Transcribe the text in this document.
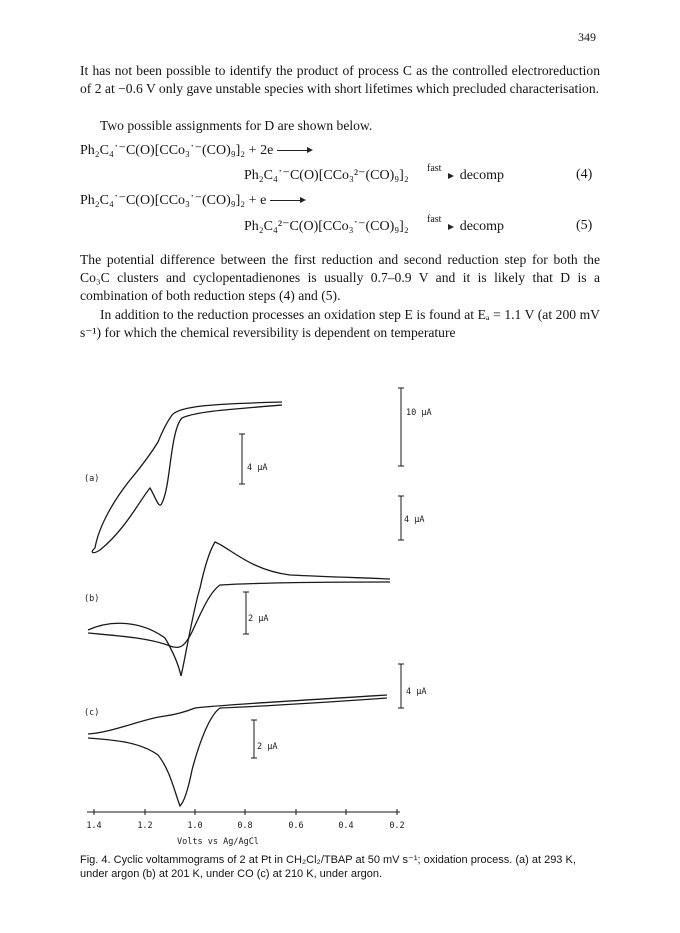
349

It has not been possible to identify the product of process C as the controlled electroreduction of 2 at −0.6 V only gave unstable species with short lifetimes which precluded characterisation.

Two possible assignments for D are shown below.

Ph₂C₄˙⁻C(O)[CCo₃˙⁻(CO)₉]₂ + 2e →
Ph₂C₄˙⁻C(O)[CCo₃²⁻(CO)₉]₂	fast	decomp	(4)
Ph₂C₄˙⁻C(O)[CCo₃˙⁻(CO)₉]₂ + e →
Ph₂C₄²⁻C(O)[CCo₃˙⁻(CO)₉]₂	fast	decomp	(5)

The potential difference between the first reduction and second reduction step for both the Co₃C clusters and cyclopentadienones is usually 0.7–0.9 V and it is likely that D is a combination of both reduction steps (4) and (5).

In addition to the reduction processes an oxidation step E is found at Eₐ = 1.1 V (at 200 mV s⁻¹) for which the chemical reversibility is dependent on temperature

(a)
(b)
(c)
10 μA
4 μA
4 μA
2 μA
4 μA
2 μA
1.4	1.2	1.0	0.8	0.6	0.4	0.2
Volts vs Ag/AgCl
Fig. 4. Cyclic voltammograms of 2 at Pt in CH₂Cl₂/TBAP at 50 mV s⁻¹; oxidation process. (a) at 293 K, under argon (b) at 201 K, under CO (c) at 210 K, under argon.
